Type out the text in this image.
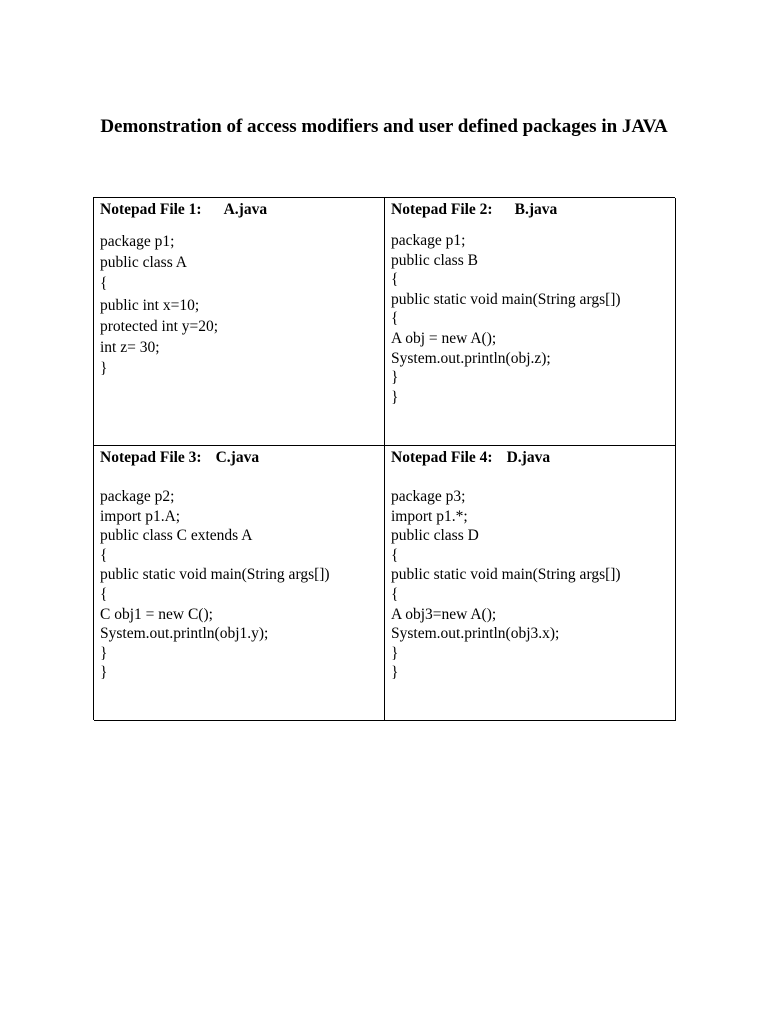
Demonstration of access modifiers and user defined packages in JAVA
Notepad File 1: A.java
package p1;
public class A
{
public int x=10;
protected int y=20;
int z= 30;
}
Notepad File 2: B.java
package p1;
public class B
{
public static void main(String args[])
{
A obj = new A();
System.out.println(obj.z);
}
}
Notepad File 3: C.java
package p2;
import p1.A;
public class C extends A
{
public static void main(String args[])
{
C obj1 = new C();
System.out.println(obj1.y);
}
}
Notepad File 4: D.java
package p3;
import p1.*;
public class D
{
public static void main(String args[])
{
A obj3=new A();
System.out.println(obj3.x);
}
}
